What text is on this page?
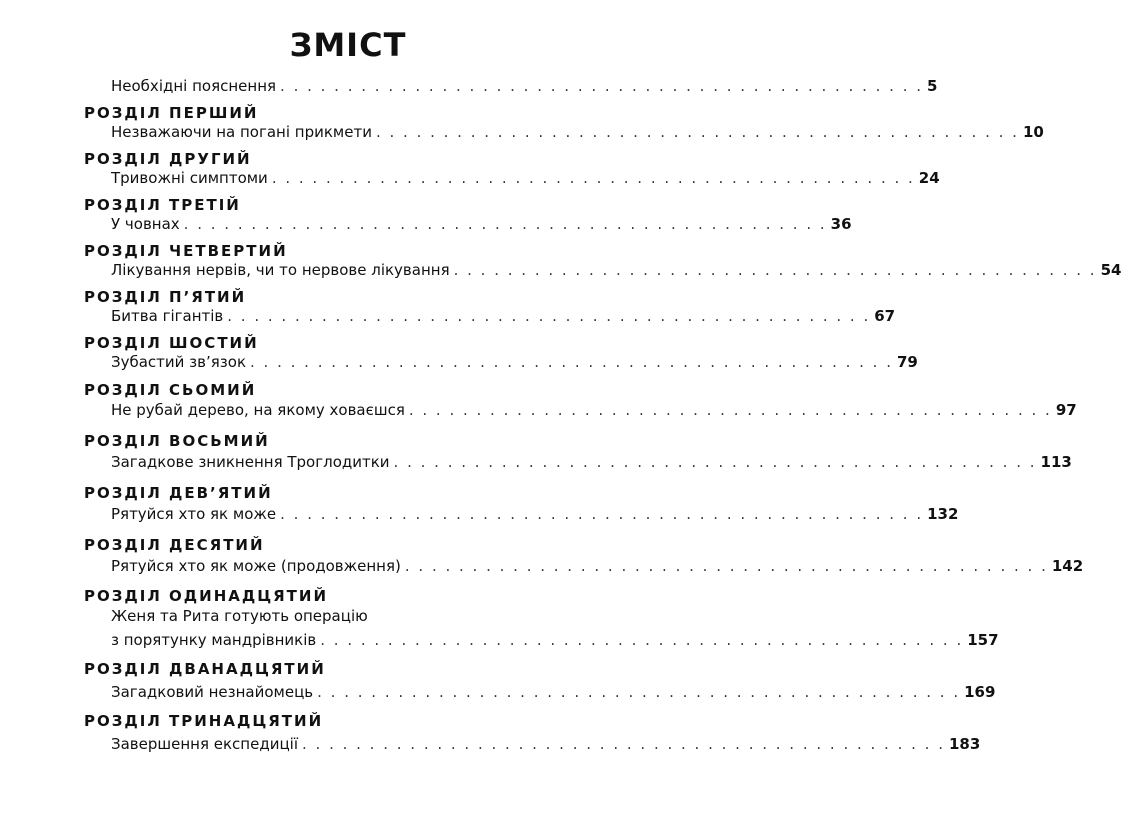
ЗМІСТ
Необхідні пояснення . . . . . . . . . . . . . . . . . . . . . . . . . . . . . . . . . . . . . . . . . . . . . . . . 5
РОЗДІЛ ПЕРШИЙ
Незважаючи на погані прикмети . . . . . . . . . . . . . . . . . . . . . . . . . . . . . . . . . . . . . . . . . . . . . . . . 10
РОЗДІЛ ДРУГИЙ
Тривожні симптоми . . . . . . . . . . . . . . . . . . . . . . . . . . . . . . . . . . . . . . . . . . . . . . . . 24
РОЗДІЛ ТРЕТІЙ
У човнах . . . . . . . . . . . . . . . . . . . . . . . . . . . . . . . . . . . . . . . . . . . . . . . . 36
РОЗДІЛ ЧЕТВЕРТИЙ
Лікування нервів, чи то нервове лікування . . . . . . . . . . . . . . . . . . . . . . . . . . . . . . . . . . . . . . . . . . . . . . . . 54
РОЗДІЛ П’ЯТИЙ
Битва гігантів . . . . . . . . . . . . . . . . . . . . . . . . . . . . . . . . . . . . . . . . . . . . . . . . 67
РОЗДІЛ ШОСТИЙ
Зубастий зв’язок . . . . . . . . . . . . . . . . . . . . . . . . . . . . . . . . . . . . . . . . . . . . . . . . 79
РОЗДІЛ СЬОМИЙ
Не рубай дерево, на якому ховаєшся . . . . . . . . . . . . . . . . . . . . . . . . . . . . . . . . . . . . . . . . . . . . . . . . 97
РОЗДІЛ ВОСЬМИЙ
Загадкове зникнення Троглодитки . . . . . . . . . . . . . . . . . . . . . . . . . . . . . . . . . . . . . . . . . . . . . . . . 113
РОЗДІЛ ДЕВ’ЯТИЙ
Рятуйся хто як може . . . . . . . . . . . . . . . . . . . . . . . . . . . . . . . . . . . . . . . . . . . . . . . . 132
РОЗДІЛ ДЕСЯТИЙ
Рятуйся хто як може (продовження) . . . . . . . . . . . . . . . . . . . . . . . . . . . . . . . . . . . . . . . . . . . . . . . . 142
РОЗДІЛ ОДИНАДЦЯТИЙ
Женя та Рита готують операцію
з порятунку мандрівників . . . . . . . . . . . . . . . . . . . . . . . . . . . . . . . . . . . . . . . . . . . . . . . . 157
РОЗДІЛ ДВАНАДЦЯТИЙ
Загадковий незнайомець . . . . . . . . . . . . . . . . . . . . . . . . . . . . . . . . . . . . . . . . . . . . . . . . 169
РОЗДІЛ ТРИНАДЦЯТИЙ
Завершення експедиції . . . . . . . . . . . . . . . . . . . . . . . . . . . . . . . . . . . . . . . . . . . . . . . . 183
